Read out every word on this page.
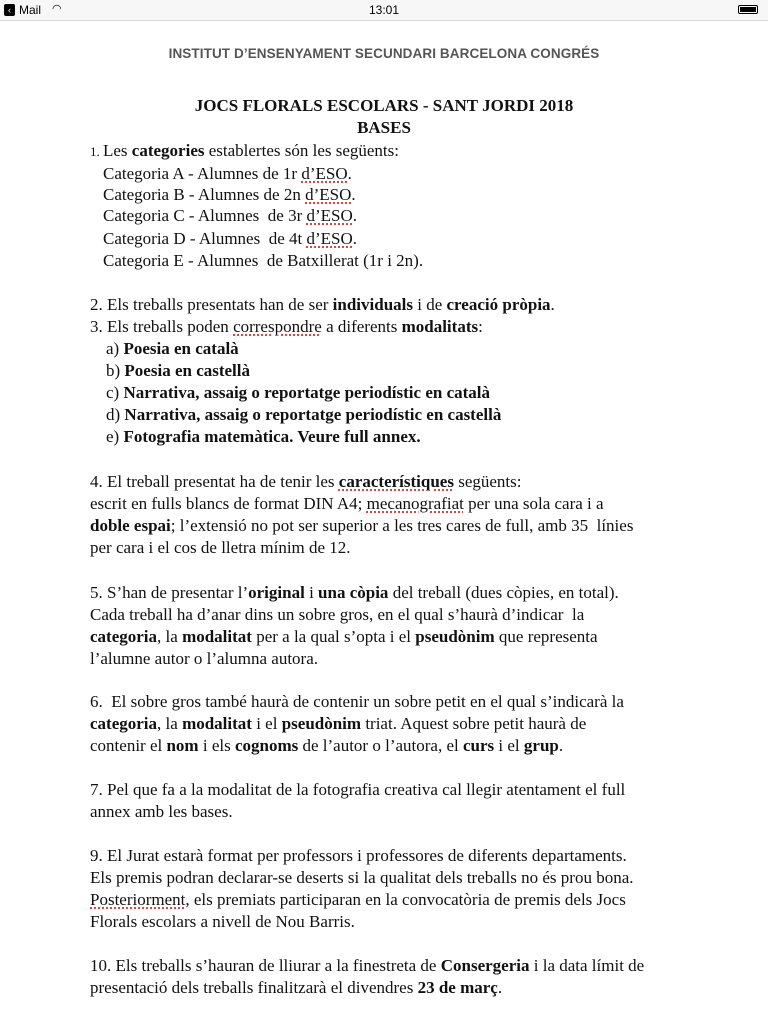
‹ Mail ◠	13:01
INSTITUT D’ENSENYAMENT SECUNDARI BARCELONA CONGRÉS
JOCS FLORALS ESCOLARS - SANT JORDI 2018
BASES
1. Les categories establertes són les següents:
Categoria A - Alumnes de 1r d’ESO.
Categoria B - Alumnes de 2n d’ESO.
Categoria C - Alumnes  de 3r d’ESO.
Categoria D - Alumnes  de 4t d’ESO.
Categoria E - Alumnes  de Batxillerat (1r i 2n).
2. Els treballs presentats han de ser individuals i de creació pròpia.
3. Els treballs poden correspondre a diferents modalitats:
a) Poesia en català
b) Poesia en castellà
c) Narrativa, assaig o reportatge periodístic en català
d) Narrativa, assaig o reportatge periodístic en castellà
e) Fotografia matemàtica. Veure full annex.
4. El treball presentat ha de tenir les característiques següents:
escrit en fulls blancs de format DIN A4; mecanografiat per una sola cara i a
doble espai; l’extensió no pot ser superior a les tres cares de full, amb 35  línies
per cara i el cos de lletra mínim de 12.
5. S’han de presentar l’original i una còpia del treball (dues còpies, en total).
Cada treball ha d’anar dins un sobre gros, en el qual s’haurà d’indicar  la
categoria, la modalitat per a la qual s’opta i el pseudònim que representa
l’alumne autor o l’alumna autora.
6.  El sobre gros també haurà de contenir un sobre petit en el qual s’indicarà la
categoria, la modalitat i el pseudònim triat. Aquest sobre petit haurà de
contenir el nom i els cognoms de l’autor o l’autora, el curs i el grup.
7. Pel que fa a la modalitat de la fotografia creativa cal llegir atentament el full
annex amb les bases.
9. El Jurat estarà format per professors i professores de diferents departaments.
Els premis podran declarar-se deserts si la qualitat dels treballs no és prou bona.
Posteriorment, els premiats participaran en la convocatòria de premis dels Jocs
Florals escolars a nivell de Nou Barris.
10. Els treballs s’hauran de lliurar a la finestreta de Consergeria i la data límit de
presentació dels treballs finalitzarà el divendres 23 de març.
